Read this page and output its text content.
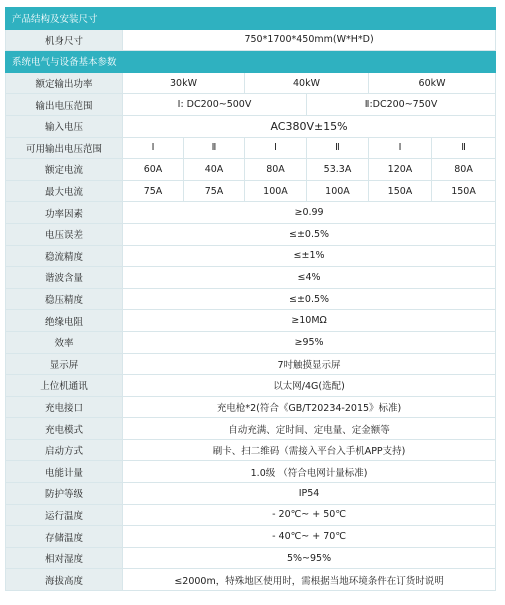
产品结构及安装尺寸						
机身尺寸	750*1700*450mm(W*H*D)					
系统电气与设备基本参数						
额定输出功率	30kW		40kW		60kW	
输出电压范围	Ⅰ: DC200~500V			Ⅱ:DC200~750V		
输入电压	AC380V±15%					
可用输出电压范围	Ⅰ	Ⅱ	Ⅰ	Ⅱ	Ⅰ	Ⅱ
额定电流	60A	40A	80A	53.3A	120A	80A
最大电流	75A	75A	100A	100A	150A	150A
功率因素	≥0.99					
电压误差	≤±0.5%					
稳流精度	≤±1%					
谐波含量	≤4%					
稳压精度	≤±0.5%					
绝缘电阻	≥10MΩ					
效率	≥95%					
显示屏	7吋触摸显示屏					
上位机通讯	以太网/4G(选配)					
充电接口	充电枪*2(符合《GB/T20234-2015》标准)					
充电模式	自动充满、定时间、定电量、定金额等					
启动方式	刷卡、扫二维码（需接入平台入手机APP支持)					
电能计量	1.0级 （符合电网计量标准)					
防护等级	IP54					
运行温度	- 20℃~ + 50℃					
存储温度	- 40℃~ + 70℃					
相对湿度	5%~95%					
海拔高度	≤2000m，特殊地区使用时，需根据当地环境条件在订货时说明					
